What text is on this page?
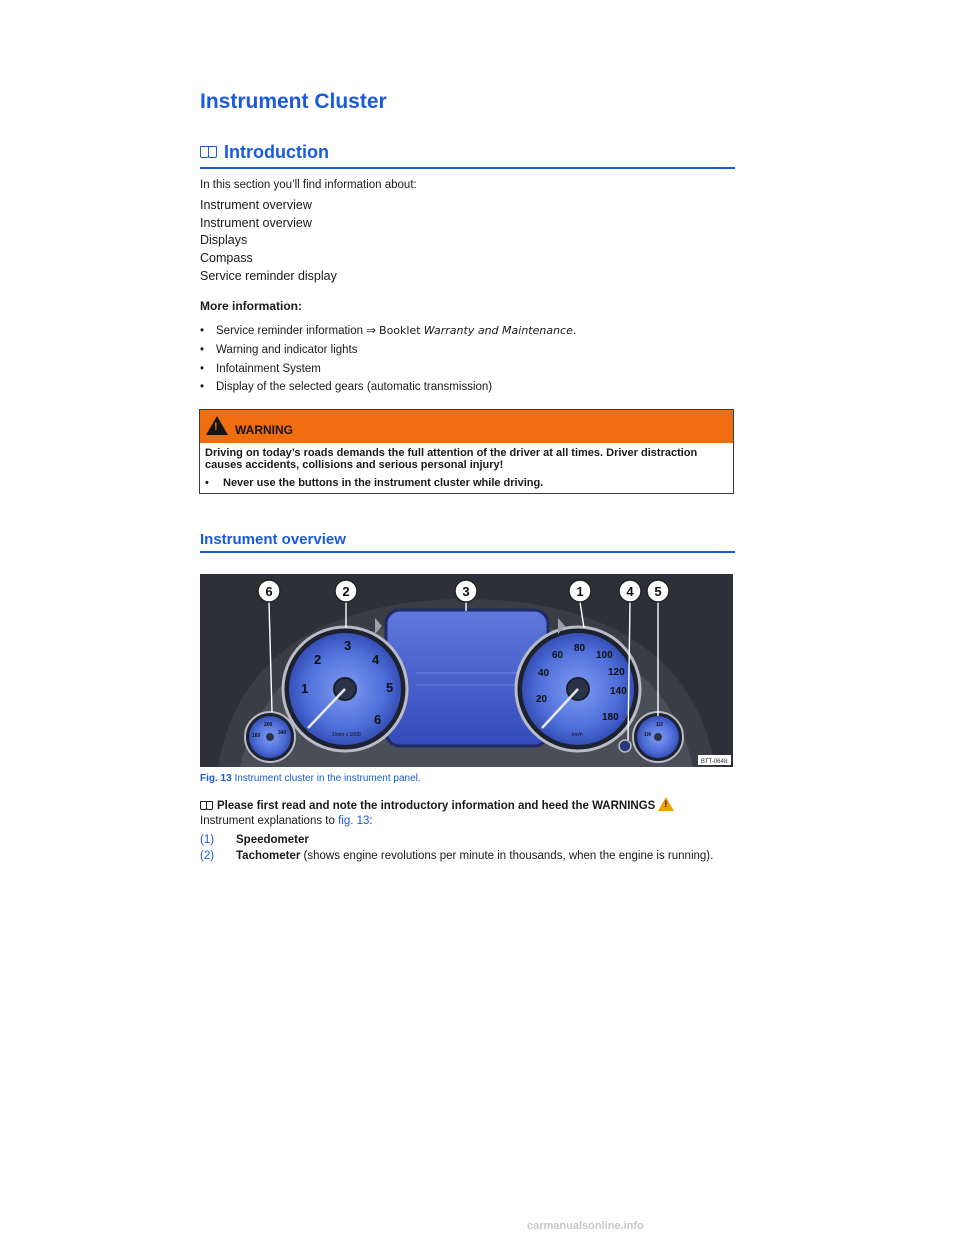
Instrument Cluster
Introduction
In this section you’ll find information about:
Instrument overview
Instrument overview
Displays
Compass
Service reminder display
More information:
• Service reminder information ⇒ Booklet Warranty and Maintenance.
• Warning and indicator lights
• Infotainment System
• Display of the selected gears (automatic transmission)
! WARNING
Driving on today’s roads demands the full attention of the driver at all times. Driver distraction causes accidents, collisions and serious personal injury!
• Never use the buttons in the instrument cluster while driving.
Instrument overview
1
2
3
4
5
6
1/min x 1000
20
40
60
80
100
120
140
180
km/h
160
200
340
1/2
1/4
6	2	3	1	4 5
BTT-0648
Fig. 13 Instrument cluster in the instrument panel.
Please first read and note the introductory information and heed the WARNINGS!
Instrument explanations to fig. 13:
(1) Speedometer
(2) Tachometer (shows engine revolutions per minute in thousands, when the engine is running).
carmanualsonline.info
